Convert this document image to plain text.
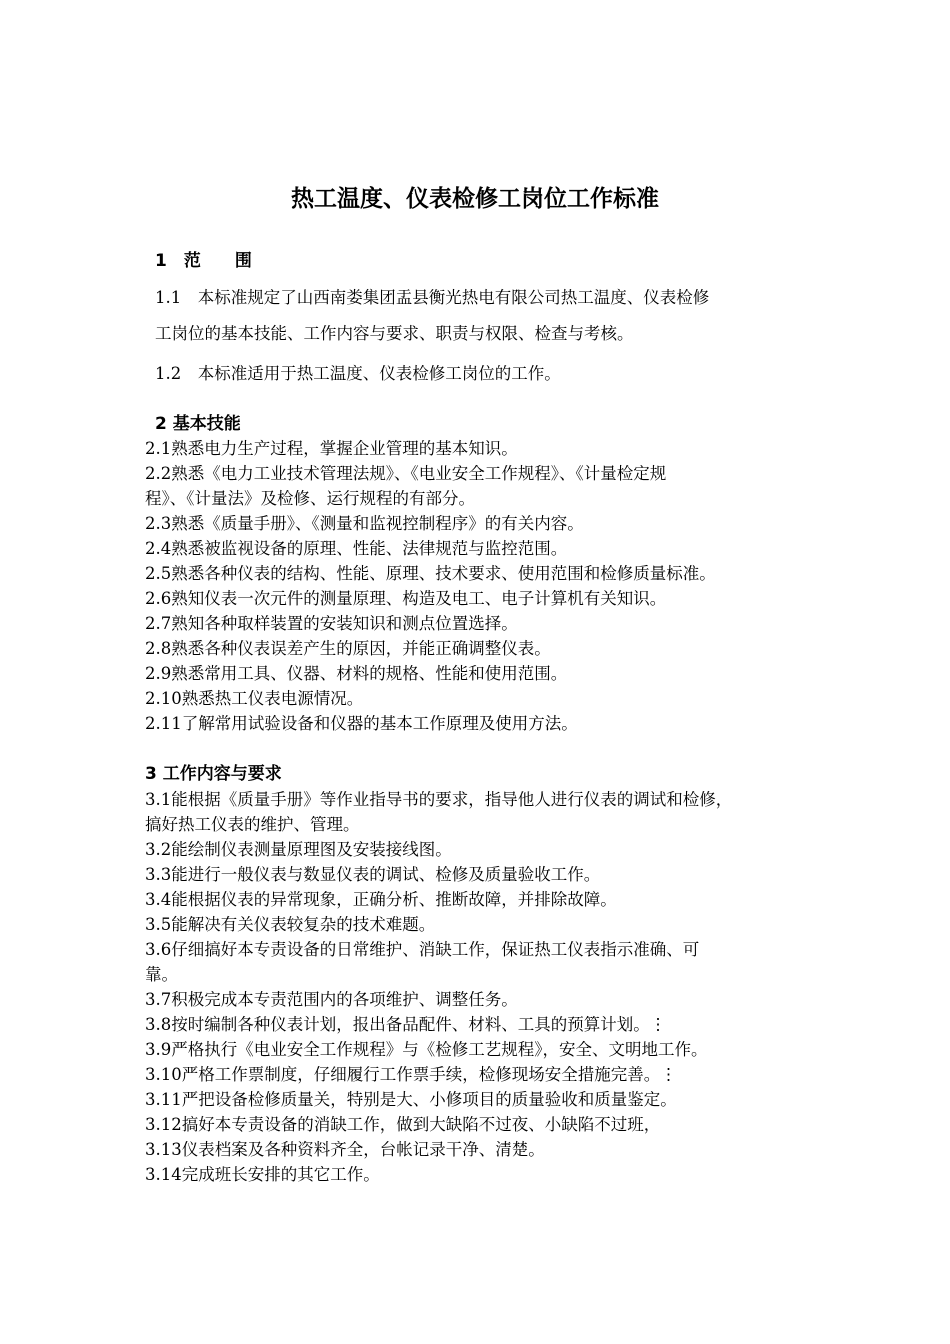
热工温度、仪表检修工岗位工作标准
1　范　　围
1.1　本标准规定了山西南娄集团盂县衡光热电有限公司热工温度、仪表检修
工岗位的基本技能、工作内容与要求、职责与权限、检查与考核。
1.2　本标准适用于热工温度、仪表检修工岗位的工作。
2 基本技能
2.1熟悉电力生产过程，掌握企业管理的基本知识。
2.2熟悉《电力工业技术管理法规》、《电业安全工作规程》、《计量检定规
程》、《计量法》及检修、运行规程的有部分。
2.3熟悉《质量手册》、《测量和监视控制程序》的有关内容。
2.4熟悉被监视设备的原理、性能、法律规范与监控范围。
2.5熟悉各种仪表的结构、性能、原理、技术要求、使用范围和检修质量标准。
2.6熟知仪表一次元件的测量原理、构造及电工、电子计算机有关知识。
2.7熟知各种取样装置的安装知识和测点位置选择。
2.8熟悉各种仪表误差产生的原因，并能正确调整仪表。
2.9熟悉常用工具、仪器、材料的规格、性能和使用范围。
2.10熟悉热工仪表电源情况。
2.11了解常用试验设备和仪器的基本工作原理及使用方法。
3 工作内容与要求
3.1能根据《质量手册》等作业指导书的要求，指导他人进行仪表的调试和检修，
搞好热工仪表的维护、管理。
3.2能绘制仪表测量原理图及安装接线图。
3.3能进行一般仪表与数显仪表的调试、检修及质量验收工作。
3.4能根据仪表的异常现象，正确分析、推断故障，并排除故障。
3.5能解决有关仪表较复杂的技术难题。
3.6仔细搞好本专责设备的日常维护、消缺工作，保证热工仪表指示准确、可
靠。
3.7积极完成本专责范围内的各项维护、调整任务。
3.8按时编制各种仪表计划，报出备品配件、材料、工具的预算计划。⋮
3.9严格执行《电业安全工作规程》与《检修工艺规程》，安全、文明地工作。
3.10严格工作票制度，仔细履行工作票手续，检修现场安全措施完善。⋮
3.11严把设备检修质量关，特别是大、小修项目的质量验收和质量鉴定。
3.12搞好本专责设备的消缺工作，做到大缺陷不过夜、小缺陷不过班，
3.13仪表档案及各种资料齐全，台帐记录干净、清楚。
3.14完成班长安排的其它工作。
